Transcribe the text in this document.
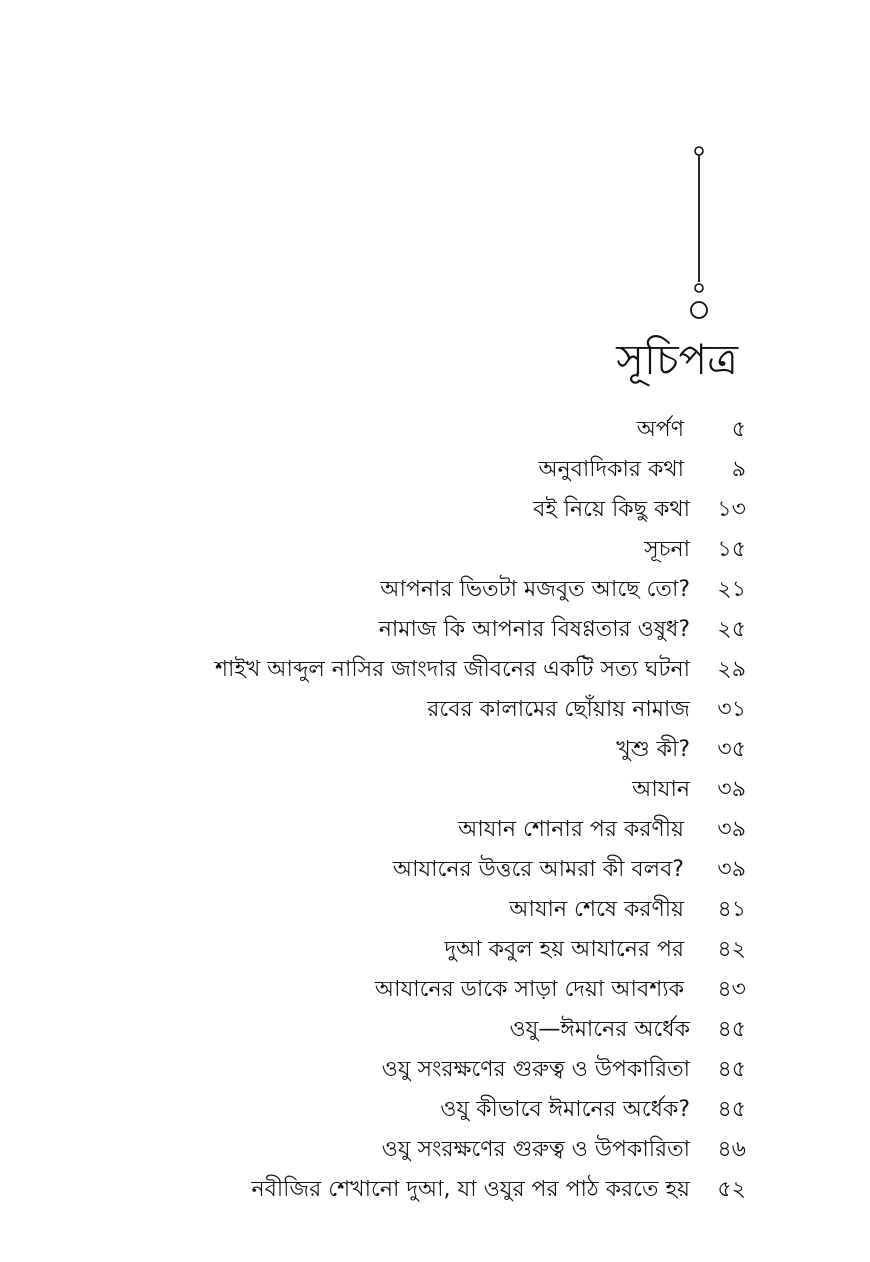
সূচিপত্র
অর্পণ	৫
অনুবাদিকার কথা	৯
বই নিয়ে কিছু কথা	১৩
সূচনা	১৫
আপনার ভিতটা মজবুত আছে তো?	২১
নামাজ কি আপনার বিষণ্ণতার ওষুধ?	২৫
শাইখ আব্দুল নাসির জাংদার জীবনের একটি সত্য ঘটনা	২৯
রবের কালামের ছোঁয়ায় নামাজ	৩১
খুশু কী?	৩৫
আযান	৩৯
আযান শোনার পর করণীয়	৩৯
আযানের উত্তরে আমরা কী বলব?	৩৯
আযান শেষে করণীয়	৪১
দুআ কবুল হয় আযানের পর	৪২
আযানের ডাকে সাড়া দেয়া আবশ্যক	৪৩
ওযু—ঈমানের অর্ধেক	৪৫
ওযু সংরক্ষণের গুরুত্ব ও উপকারিতা	৪৫
ওযু কীভাবে ঈমানের অর্ধেক?	৪৫
ওযু সংরক্ষণের গুরুত্ব ও উপকারিতা	৪৬
নবীজির শেখানো দুআ, যা ওযুর পর পাঠ করতে হয়	৫২
